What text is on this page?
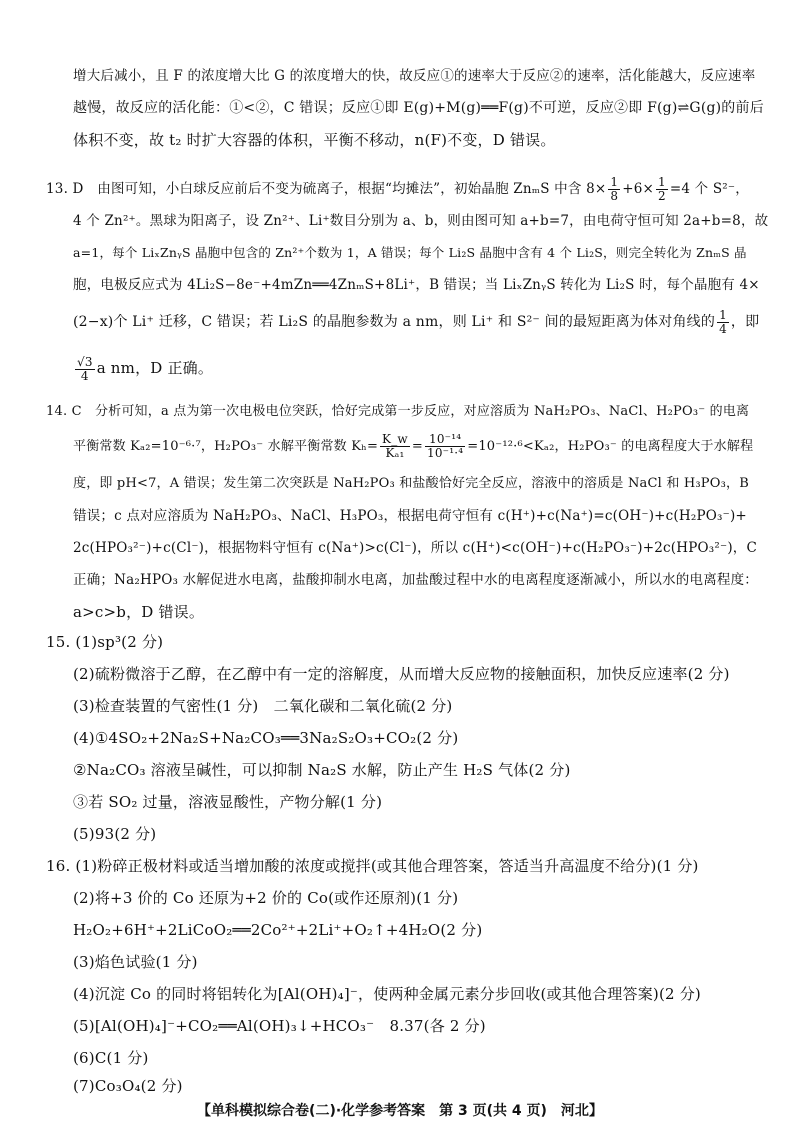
增大后减小，且 F 的浓度增大比 G 的浓度增大的快，故反应①的速率大于反应②的速率，活化能越大，反应速率
越慢，故反应的活化能：①<②，C 错误；反应①即 E(g)+M(g)══F(g)不可逆，反应②即 F(g)⇌G(g)的前后
体积不变，故 t₂ 时扩大容器的体积，平衡不移动，n(F)不变，D 错误。
13. D　由图可知，小白球反应前后不变为硫离子，根据“均摊法”，初始晶胞 ZnₘS 中含 $8\times \frac{1}{8} +6\times \frac{1}{2} =4$ 个 S²⁻，
4 个 Zn²⁺。黑球为阳离子，设 Zn²⁺、Li⁺数目分别为 a、b，则由图可知 a+b=7，由电荷守恒可知 2a+b=8，故
a=1，每个 LiₓZnᵧS 晶胞中包含的 Zn²⁺个数为 1，A 错误；每个 Li₂S 晶胞中含有 4 个 Li₂S，则完全转化为 ZnₘS 晶
胞，电极反应式为 4Li₂S−8e⁻+4mZn══4ZnₘS+8Li⁺，B 错误；当 LiₓZnᵧS 转化为 Li₂S 时，每个晶胞有 4×
(2−x)个 Li⁺ 迁移，C 错误；若 Li₂S 的晶胞参数为 a nm，则 Li⁺ 和 S²⁻ 间的最短距离为体对角线的 $\frac{1}{4}$ ，即
$\frac{√3}{4}$ a nm，D 正确。
14. C　分析可知，a 点为第一次电极电位突跃，恰好完成第一步反应，对应溶质为 NaH₂PO₃、NaCl、H₂PO₃⁻ 的电离
平衡常数 Kₐ₂=10⁻⁶·⁷，H₂PO₃⁻ 水解平衡常数 $K_h= \frac{K\_w}{\text{Kₐ₁}} = \frac{\text{10⁻¹⁴}}{\text{10⁻¹·⁴}} =10^{-12}\cdot^6<K_{a2}$，H₂PO₃⁻ 的电离程度大于水解程
度，即 pH<7，A 错误；发生第二次突跃是 NaH₂PO₃ 和盐酸恰好完全反应，溶液中的溶质是 NaCl 和 H₃PO₃，B
错误；c 点对应溶质为 NaH₂PO₃、NaCl、H₃PO₃，根据电荷守恒有 c(H⁺)+c(Na⁺)=c(OH⁻)+c(H₂PO₃⁻)+
2c(HPO₃²⁻)+c(Cl⁻)，根据物料守恒有 c(Na⁺)>c(Cl⁻)，所以 c(H⁺)<c(OH⁻)+c(H₂PO₃⁻)+2c(HPO₃²⁻)，C
正确；Na₂HPO₃ 水解促进水电离，盐酸抑制水电离，加盐酸过程中水的电离程度逐渐减小，所以水的电离程度：
a>c>b，D 错误。
15. (1)sp³(2 分)
(2)硫粉微溶于乙醇，在乙醇中有一定的溶解度，从而增大反应物的接触面积，加快反应速率(2 分)
(3)检查装置的气密性(1 分)　二氧化碳和二氧化硫(2 分)
(4)①4SO₂+2Na₂S+Na₂CO₃══3Na₂S₂O₃+CO₂(2 分)
②Na₂CO₃ 溶液呈碱性，可以抑制 Na₂S 水解，防止产生 H₂S 气体(2 分)
③若 SO₂ 过量，溶液显酸性，产物分解(1 分)
(5)93(2 分)
16. (1)粉碎正极材料或适当增加酸的浓度或搅拌(或其他合理答案，答适当升高温度不给分)(1 分)
(2)将+3 价的 Co 还原为+2 价的 Co(或作还原剂)(1 分)
H₂O₂+6H⁺+2LiCoO₂══2Co²⁺+2Li⁺+O₂↑+4H₂O(2 分)
(3)焰色试验(1 分)
(4)沉淀 Co 的同时将铝转化为[Al(OH)₄]⁻，使两种金属元素分步回收(或其他合理答案)(2 分)
(5)[Al(OH)₄]⁻+CO₂══Al(OH)₃↓+HCO₃⁻　8.37(各 2 分)
(6)C(1 分)
(7)Co₃O₄(2 分)
【单科模拟综合卷(二)·化学参考答案　第 3 页(共 4 页)　河北】
